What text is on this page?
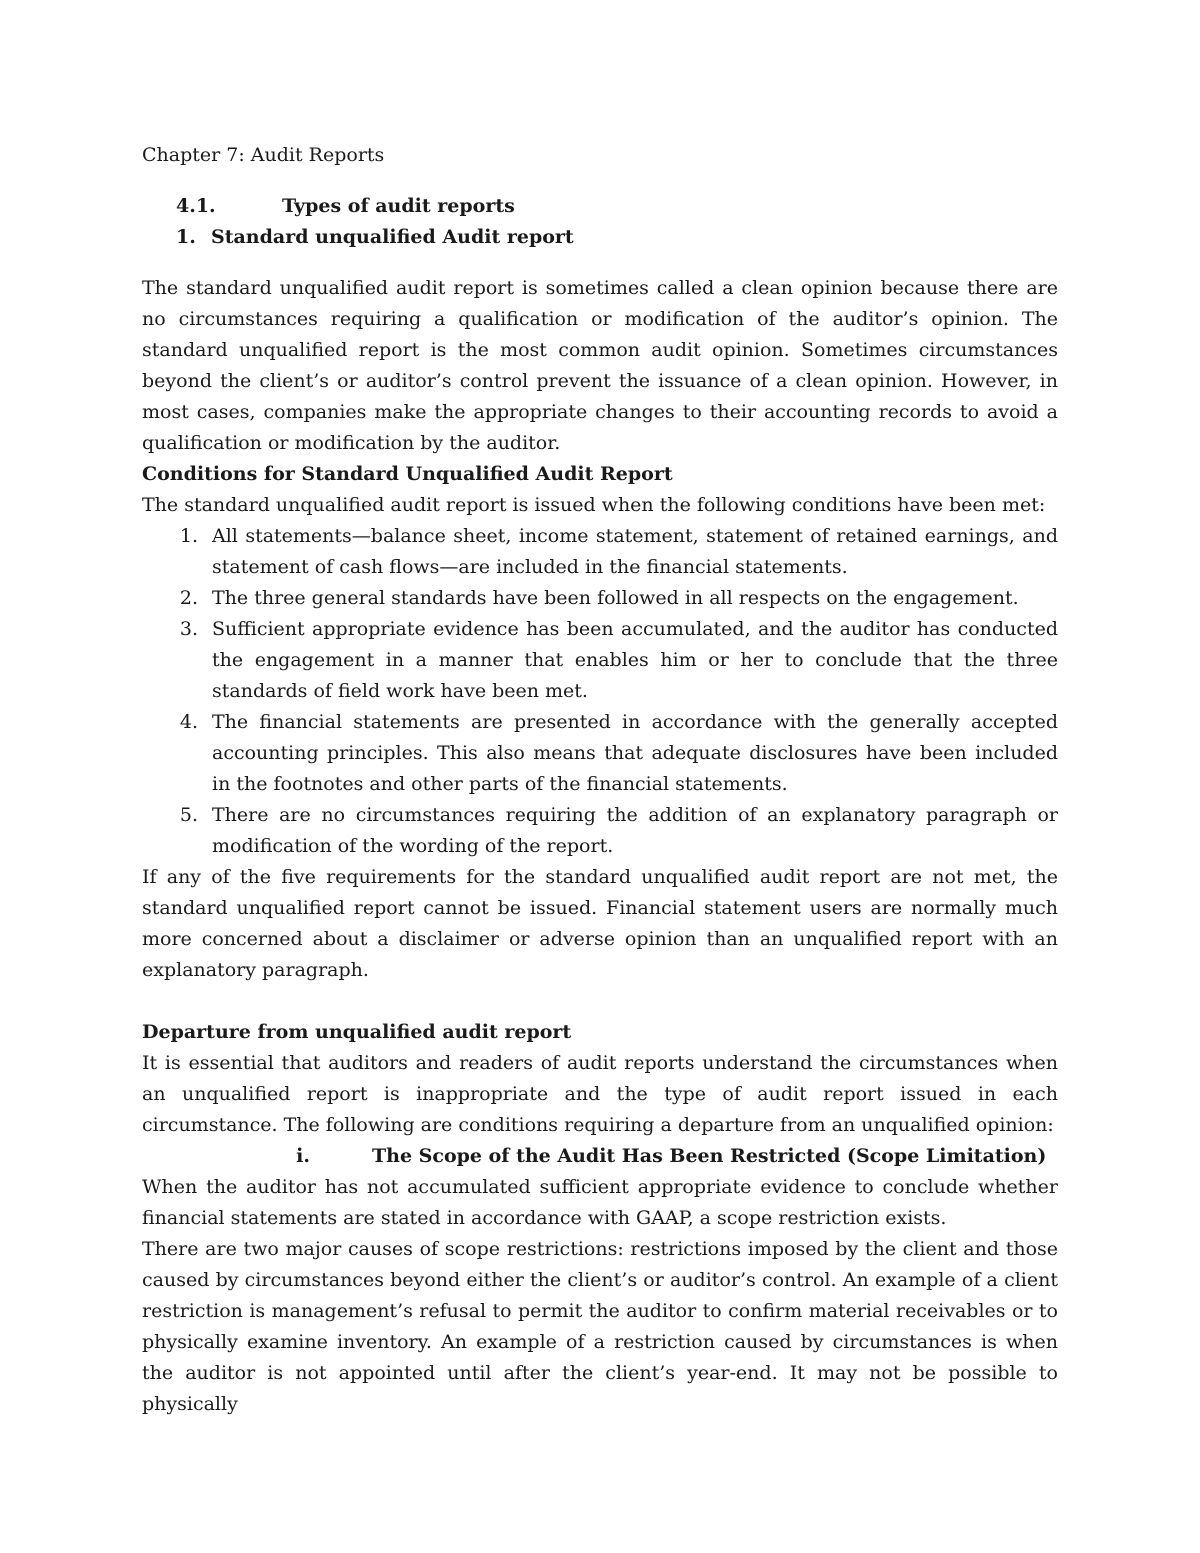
Chapter 7: Audit Reports
4.1.	Types of audit reports
1. Standard unqualified Audit report

The standard unqualified audit report is sometimes called a clean opinion because there are no circumstances requiring a qualification or modification of the auditor’s opinion. The standard unqualified report is the most common audit opinion. Sometimes circumstances beyond the client’s or auditor’s control prevent the issuance of a clean opinion. However, in most cases, companies make the appropriate changes to their accounting records to avoid a qualification or modification by the auditor.

Conditions for Standard Unqualified Audit Report

The standard unqualified audit report is issued when the following conditions have been met:

1. All statements—balance sheet, income statement, statement of retained earnings, and statement of cash flows—are included in the financial statements.
2. The three general standards have been followed in all respects on the engagement.
3. Sufficient appropriate evidence has been accumulated, and the auditor has conducted the engagement in a manner that enables him or her to conclude that the three standards of field work have been met.
4. The financial statements are presented in accordance with the generally accepted accounting principles. This also means that adequate disclosures have been included in the footnotes and other parts of the financial statements.
5. There are no circumstances requiring the addition of an explanatory paragraph or modification of the wording of the report.

If any of the five requirements for the standard unqualified audit report are not met, the standard unqualified report cannot be issued. Financial statement users are normally much more concerned about a disclaimer or adverse opinion than an unqualified report with an explanatory paragraph.

Departure from unqualified audit report

It is essential that auditors and readers of audit reports understand the circumstances when an unqualified report is inappropriate and the type of audit report issued in each circumstance. The following are conditions requiring a departure from an unqualified opinion:

i.	The Scope of the Audit Has Been Restricted (Scope Limitation)

When the auditor has not accumulated sufficient appropriate evidence to conclude whether financial statements are stated in accordance with GAAP, a scope restriction exists.

There are two major causes of scope restrictions: restrictions imposed by the client and those caused by circumstances beyond either the client’s or auditor’s control. An example of a client restriction is management’s refusal to permit the auditor to confirm material receivables or to physically examine inventory. An example of a restriction caused by circumstances is when the auditor is not appointed until after the client’s year-end. It may not be possible to physically
